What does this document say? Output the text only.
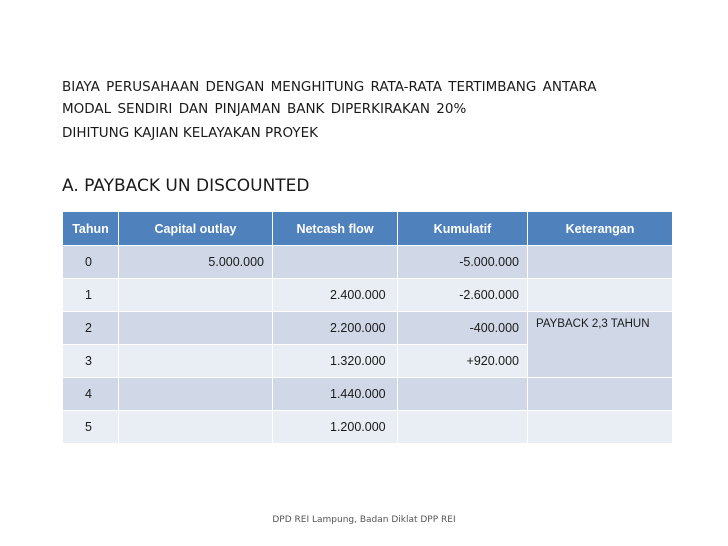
BIAYA PERUSAHAAN DENGAN MENGHITUNG RATA-RATA TERTIMBANG ANTARA
MODAL SENDIRI DAN PINJAMAN BANK DIPERKIRAKAN 20%
DIHITUNG KAJIAN KELAYAKAN PROYEK
A. PAYBACK UN DISCOUNTED
Tahun	Capital outlay	Netcash flow	Kumulatif	Keterangan
0	5.000.000		-5.000.000	
1		2.400.000	-2.600.000	
2		2.200.000	-400.000	PAYBACK 2,3 TAHUN
3		1.320.000	+920.000	
4		1.440.000		
5		1.200.000		
DPD REI Lampung, Badan Diklat DPP REI
